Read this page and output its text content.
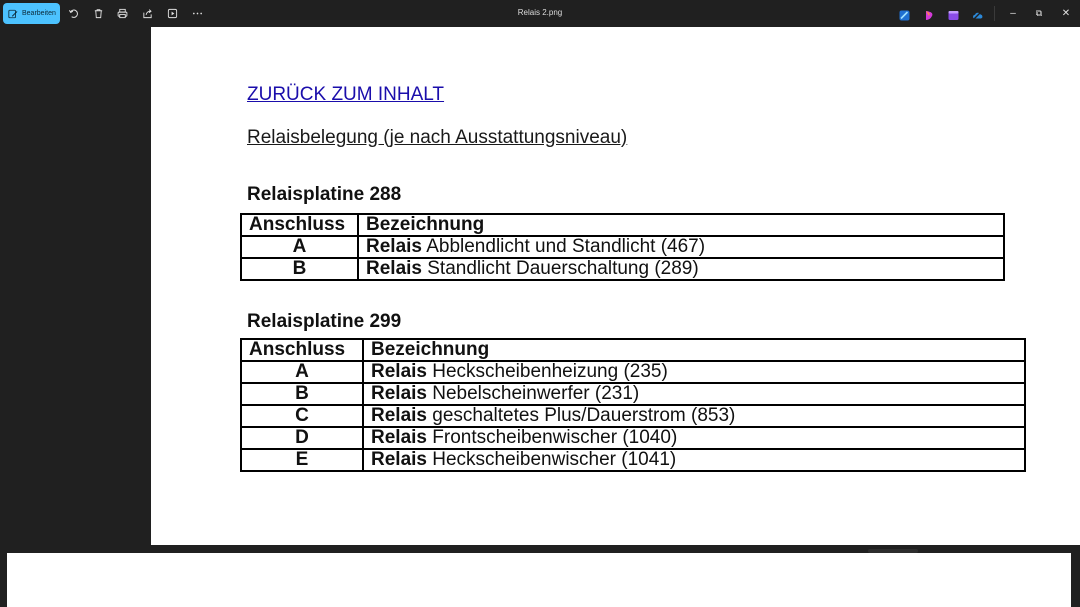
Bearbeiten	Relais 2.png	–	⧉	✕
ZURÜCK ZUM INHALT
Relaisbelegung (je nach Ausstattungsniveau)
Relaisplatine 288
Anschluss	Bezeichnung
A	Relais Abblendlicht und Standlicht (467)
B	Relais Standlicht Dauerschaltung (289)
Relaisplatine 299
Anschluss	Bezeichnung
A	Relais Heckscheibenheizung (235)
B	Relais Nebelscheinwerfer (231)
C	Relais geschaltetes Plus/Dauerstrom (853)
D	Relais Frontscheibenwischer (1040)
E	Relais Heckscheibenwischer (1041)
